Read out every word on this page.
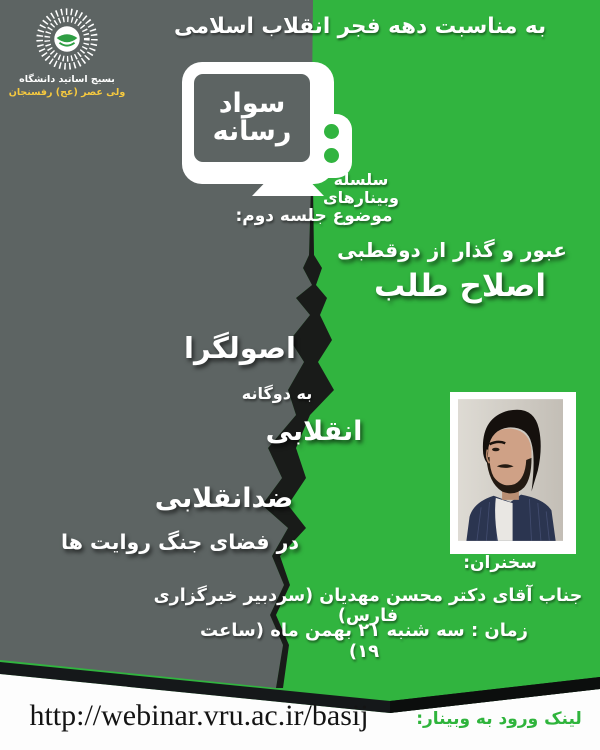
به مناسبت دهه فجر انقلاب اسلامی
بسیج اساتید دانشگاه
ولی عصر (عج) رفسنجان	سواد
رسانه
سلسله وبینارهای
موضوع جلسه دوم:
عبور و گذار از دوقطبی
اصلاح طلب
اصولگرا
به دوگانه
انقلابی
ضدانقلابی
در فضای جنگ روایت ها
سخنران:
جناب آقای دکتر محسن مهدیان (سردبیر خبرگزاری فارس)
زمان : سه شنبه ۲۱ بهمن ماه (ساعت ۱۹)
http://webinar.vru.ac.ir/basij	لینک ورود به وبینار:
